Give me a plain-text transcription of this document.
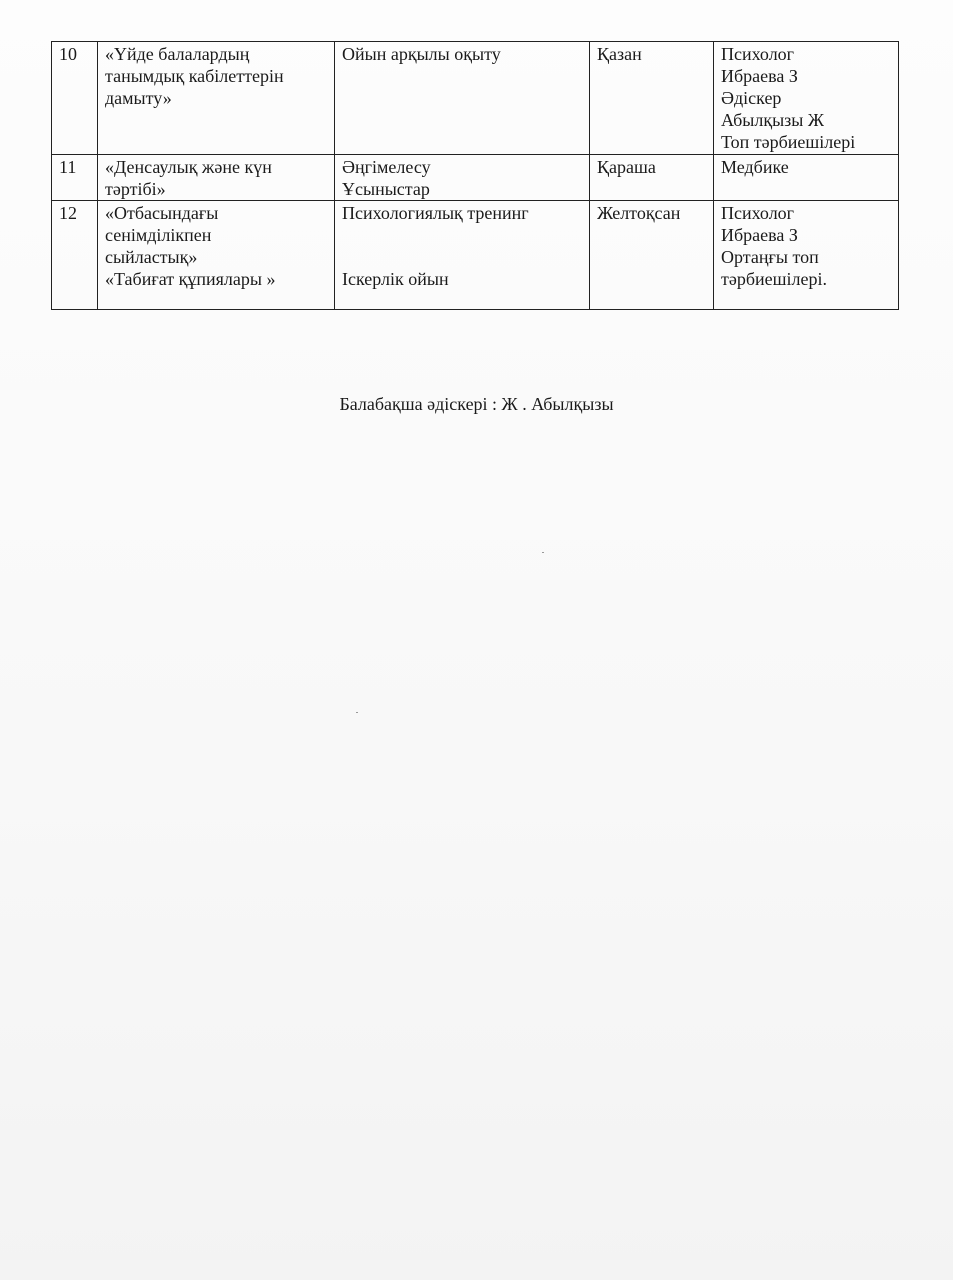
10	«Үйде балалардың
танымдық кабілеттерін
дамыту»	Ойын арқылы оқыту	Қазан	Психолог
Ибраева З
Әдіскер
Абылқызы Ж
Топ тәрбиешілері

11	«Денсаулық және күн
тәртібі»	Әңгімелесу
Ұсыныстар	Қараша	Медбике

12	«Отбасындағы
сенімділікпен
сыйластық»
«Табиғат құпиялары »	Психологиялық тренинг
Іскерлік ойын	Желтоқсан	Психолог
Ибраева З
Ортаңғы топ
тәрбиешілері.
Балабақша әдіскері : Ж . Абылқызы
